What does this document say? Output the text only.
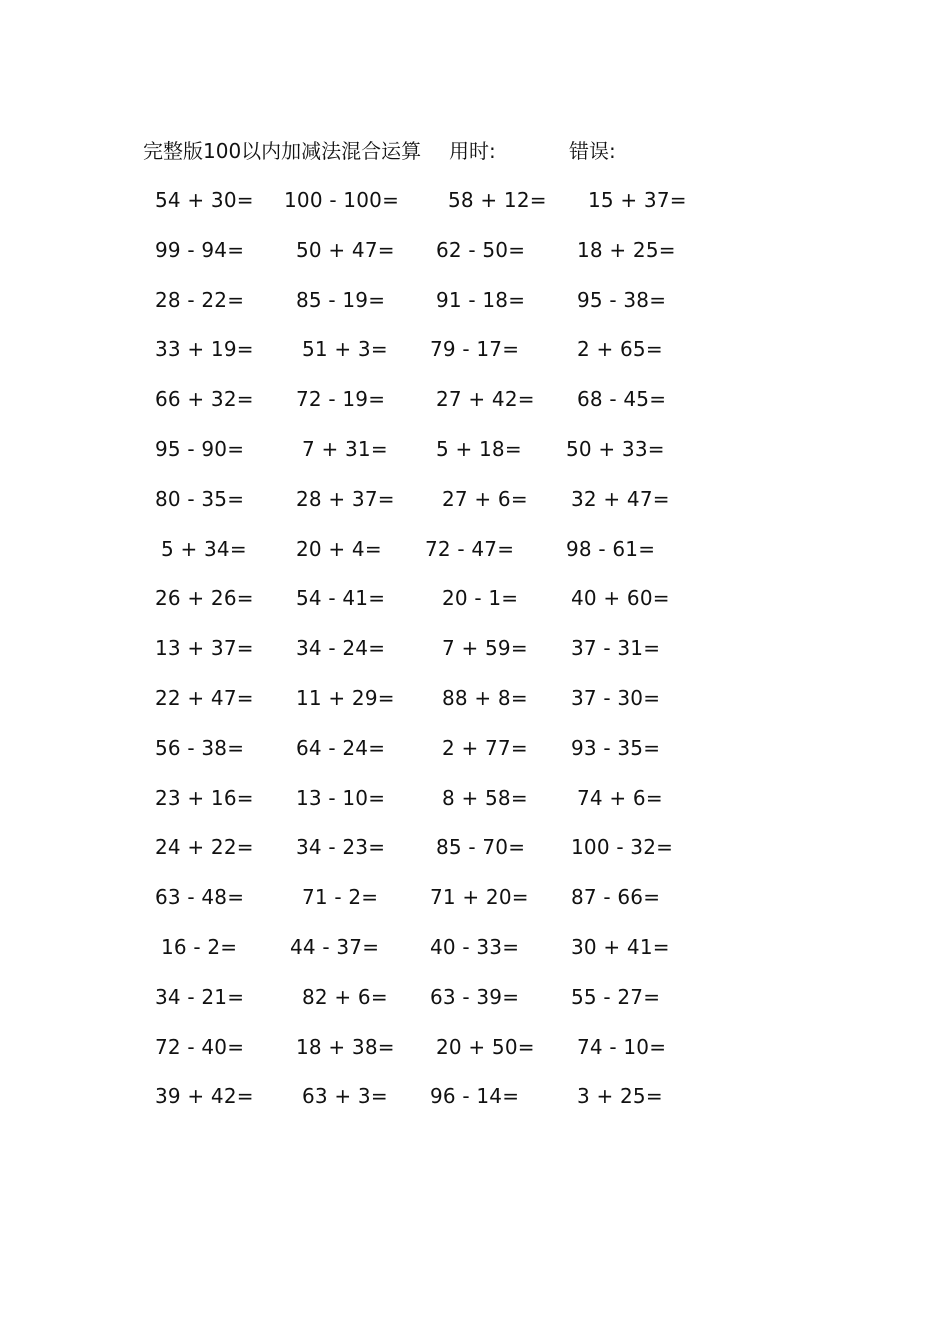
完整版100以内加减法混合运算 用时:	错误:
54 + 30= 100 - 100= 58 + 12= 15 + 37=
99 - 94=	50 + 47= 62 - 50=	18 + 25=
28 - 22=	85 - 19=	91 - 18=	95 - 38=
33 + 19= 51 + 3= 79 - 17=	2 + 65=
66 + 32= 72 - 19=	27 + 42= 68 - 45=
95 - 90=	7 + 31= 5 + 18= 50 + 33=
80 - 35=	28 + 37= 27 + 6= 32 + 47=
5 + 34= 20 + 4= 72 - 47=	98 - 61=
26 + 26= 54 - 41=	20 - 1=	40 + 60=
13 + 37= 34 - 24=	7 + 59= 37 - 31=
22 + 47= 11 + 29= 88 + 8= 37 - 30=
56 - 38=	64 - 24=	2 + 77= 93 - 35=
23 + 16= 13 - 10=	8 + 58= 74 + 6=
24 + 22= 34 - 23=	85 - 70= 100 - 32=
63 - 48=	71 - 2=	71 + 20= 87 - 66=
16 - 2=	44 - 37=	40 - 33=	30 + 41=
34 - 21=	82 + 6= 63 - 39=	55 - 27=
72 - 40=	18 + 38= 20 + 50= 74 - 10=
39 + 42= 63 + 3= 96 - 14=	3 + 25=
